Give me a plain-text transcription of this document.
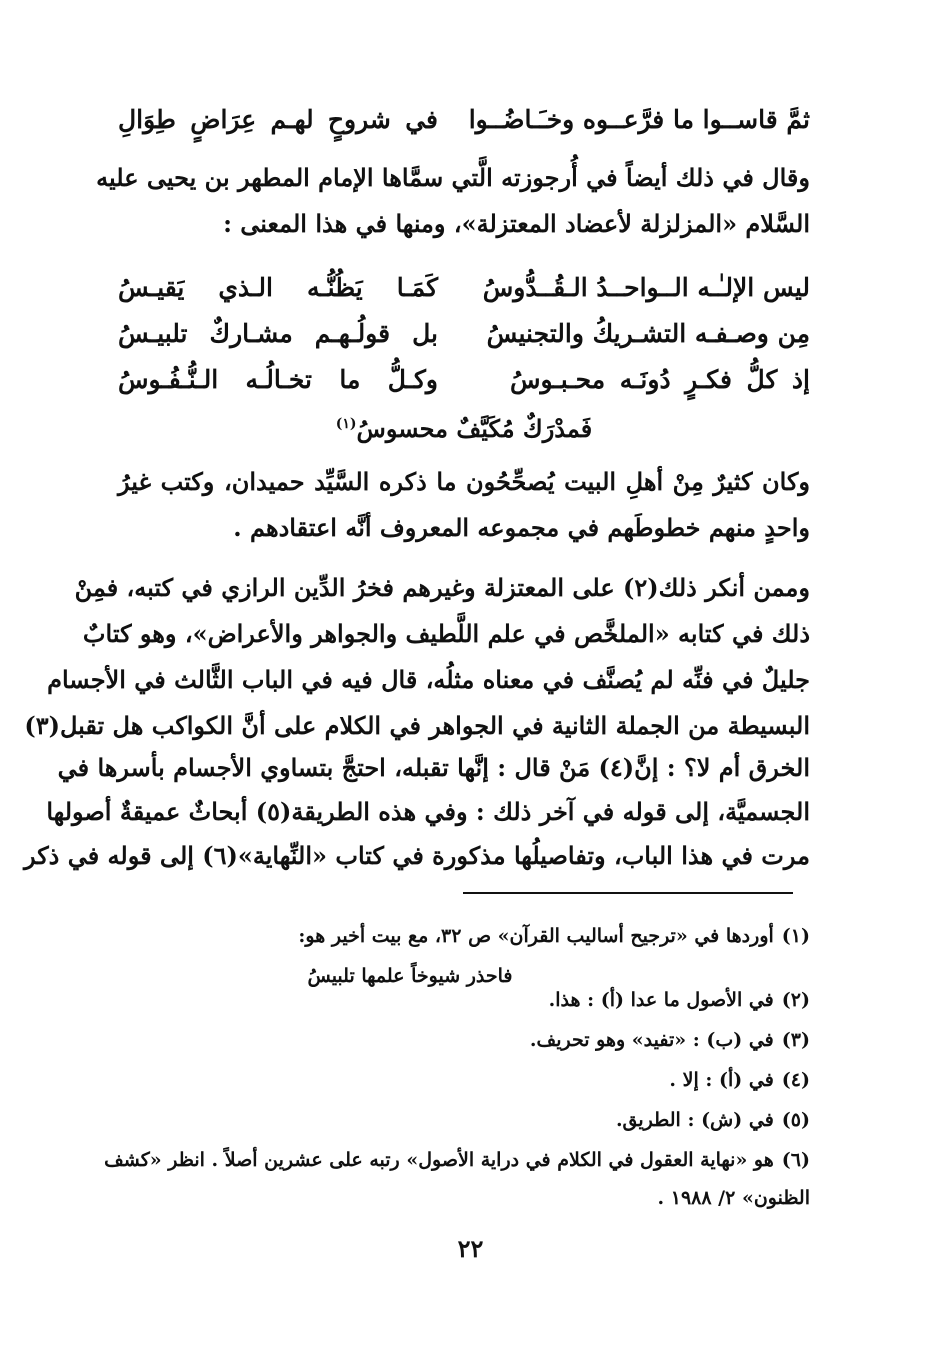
ثمَّ قاســوا ما فرَّعــوه وخـَـاضُــوا
في شروحٍ لهـم عِرَاضٍ طِوَالِ
وقال في ذلك أيضاً في أُرجوزته الَّتي سمَّاها الإمام المطهر بن يحيى عليه
السَّلام «المزلزلة لأعضاد المعتزلة»، ومنها في هذا المعنى :
ليس الإلـٰـه الــواحــدُ الـقُــدُّوسُ
كَمَـا يَظُنُّـه الـذي يَقيـسُ
مِن وصـفـه التشـريكُ والتجنيسُ
بل قولُـهـم مشـاركٌ تلبيـسُ
إذ كلُّ فكـرٍ دُونَـه محـبـوسُ
وكـلُّ ما تخـالُـه الـنُّـفُـوسُ
فَمدْرَكٌ مُكَيَّفٌ محسوسُ$^{(١)}$
وكان كثيرٌ مِنْ أهلِ البيت يُصحِّحُون ما ذكره السَّيِّد حميدان، وكتب غيرُ
واحدٍ منهم خطوطَهم في مجموعه المعروف أنَّه اعتقادهم .
وممن أنكر ذلك(٢) على المعتزلة وغيرهم فخرُ الدِّين الرازي في كتبه، فمِنْ
ذلك في كتابه «الملخَّص في علم اللَّطيف والجواهر والأعراض»، وهو كتابٌ
جليلٌ في فنِّه لم يُصنَّف في معناه مثلُه، قال فيه في الباب الثَّالث في الأجسام
البسيطة من الجملة الثانية في الجواهر في الكلام على أنَّ الكواكب هل تقبل(٣)
الخرق أم لا؟ : إنَّ(٤) مَنْ قال : إنَّها تقبله، احتجَّ بتساوي الأجسام بأسرها في
الجسميَّة، إلى قوله في آخر ذلك : وفي هذه الطريقة(٥) أبحاثٌ عميقةٌ أصولها
مرت في هذا الباب، وتفاصيلُها مذكورة في كتاب «النِّهاية»(٦) إلى قوله في ذكر
(١)أوردها في «ترجيح أساليب القرآن» ص ٣٢، مع بيت أخير هو:
فاحذر شيوخاً علمها تلبيسُ
(٢)في الأصول ما عدا (أ) : هذا.
(٣)في (ب) : «تفيد» وهو تحريف.
(٤)في (أ) : إلا .
(٥)في (ش) : الطريق.
(٦)هو «نهاية العقول في الكلام في دراية الأصول» رتبه على عشرين أصلاً . انظر «كشف
الظنون» ٢/ ١٩٨٨ .
٢٢
